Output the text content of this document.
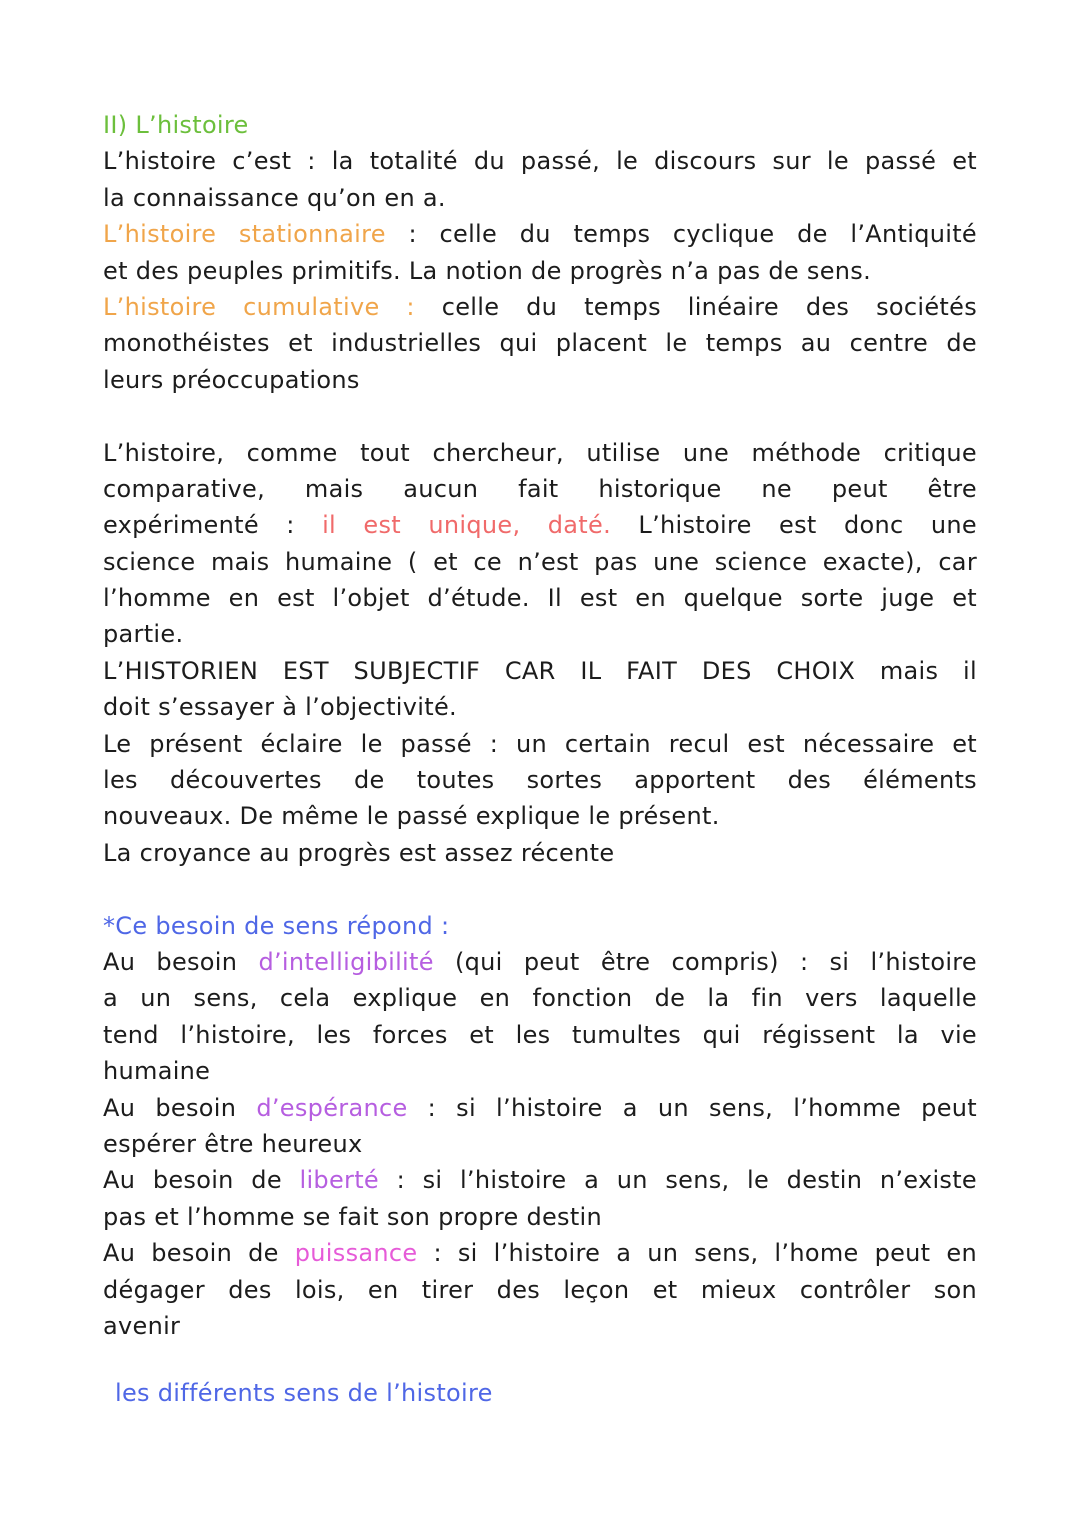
II) L’histoire
L’histoire c’est : la totalité du passé, le discours sur le passé et
la connaissance qu’on en a.
L’histoire stationnaire : celle du temps cyclique de l’Antiquité
et des peuples primitifs. La notion de progrès n’a pas de sens.
L’histoire cumulative : celle du temps linéaire des sociétés
monothéistes et industrielles qui placent le temps au centre de
leurs préoccupations
L’histoire, comme tout chercheur, utilise une méthode critique
comparative, mais aucun fait historique ne peut être
expérimenté : il est unique, daté. L’histoire est donc une
science mais humaine ( et ce n’est pas une science exacte), car
l’homme en est l’objet d’étude. Il est en quelque sorte juge et
partie.
L’HISTORIEN EST SUBJECTIF CAR IL FAIT DES CHOIX mais il
doit s’essayer à l’objectivité.
Le présent éclaire le passé : un certain recul est nécessaire et
les découvertes de toutes sortes apportent des éléments
nouveaux. De même le passé explique le présent.
La croyance au progrès est assez récente
*Ce besoin de sens répond :
Au besoin d’intelligibilité (qui peut être compris) : si l’histoire
a un sens, cela explique en fonction de la fin vers laquelle
tend l’histoire, les forces et les tumultes qui régissent la vie
humaine
Au besoin d’espérance : si l’histoire a un sens, l’homme peut
espérer être heureux
Au besoin de liberté : si l’histoire a un sens, le destin n’existe
pas et l’homme se fait son propre destin
Au besoin de puissance : si l’histoire a un sens, l’home peut en
dégager des lois, en tirer des leçon et mieux contrôler son
avenir
les différents sens de l’histoire
